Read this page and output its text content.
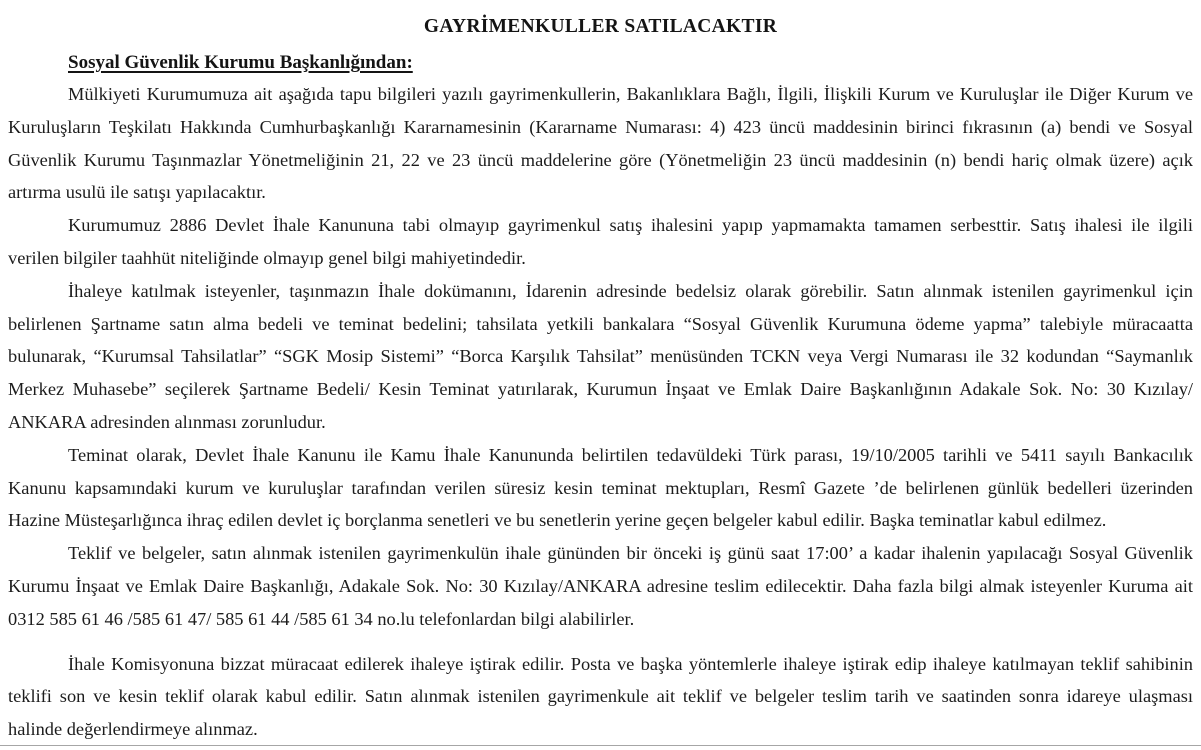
GAYRİMENKULLER SATILACAKTIR
Sosyal Güvenlik Kurumu Başkanlığından:
Mülkiyeti Kurumumuza ait aşağıda tapu bilgileri yazılı gayrimenkullerin, Bakanlıklara Bağlı, İlgili, İlişkili Kurum ve Kuruluşlar ile Diğer Kurum ve
Kuruluşların Teşkilatı Hakkında Cumhurbaşkanlığı Kararnamesinin (Kararname Numarası: 4) 423 üncü maddesinin birinci fıkrasının (a) bendi ve Sosyal
Güvenlik Kurumu Taşınmazlar Yönetmeliğinin 21, 22 ve 23 üncü maddelerine göre (Yönetmeliğin 23 üncü maddesinin (n) bendi hariç olmak üzere) açık
artırma usulü ile satışı yapılacaktır.
Kurumumuz 2886 Devlet İhale Kanununa tabi olmayıp gayrimenkul satış ihalesini yapıp yapmamakta tamamen serbesttir. Satış ihalesi ile ilgili
verilen bilgiler taahhüt niteliğinde olmayıp genel bilgi mahiyetindedir.
İhaleye katılmak isteyenler, taşınmazın İhale dokümanını, İdarenin adresinde bedelsiz olarak görebilir. Satın alınmak istenilen gayrimenkul için
belirlenen Şartname satın alma bedeli ve teminat bedelini; tahsilata yetkili bankalara “Sosyal Güvenlik Kurumuna ödeme yapma” talebiyle müracaatta
bulunarak, “Kurumsal Tahsilatlar” “SGK Mosip Sistemi” “Borca Karşılık Tahsilat” menüsünden TCKN veya Vergi Numarası ile 32 kodundan “Saymanlık
Merkez Muhasebe” seçilerek Şartname Bedeli/ Kesin Teminat yatırılarak, Kurumun İnşaat ve Emlak Daire Başkanlığının Adakale Sok. No: 30 Kızılay/
ANKARA adresinden alınması zorunludur.
Teminat olarak, Devlet İhale Kanunu ile Kamu İhale Kanununda belirtilen tedavüldeki Türk parası, 19/10/2005 tarihli ve 5411 sayılı Bankacılık
Kanunu kapsamındaki kurum ve kuruluşlar tarafından verilen süresiz kesin teminat mektupları, Resmî Gazete ’de belirlenen günlük bedelleri üzerinden
Hazine Müsteşarlığınca ihraç edilen devlet iç borçlanma senetleri ve bu senetlerin yerine geçen belgeler kabul edilir. Başka teminatlar kabul edilmez.
Teklif ve belgeler, satın alınmak istenilen gayrimenkulün ihale gününden bir önceki iş günü saat 17:00’ a kadar ihalenin yapılacağı Sosyal Güvenlik
Kurumu İnşaat ve Emlak Daire Başkanlığı, Adakale Sok. No: 30 Kızılay/ANKARA adresine teslim edilecektir. Daha fazla bilgi almak isteyenler Kuruma ait
0312 585 61 46 /585 61 47/ 585 61 44 /585 61 34 no.lu telefonlardan bilgi alabilirler.
İhale Komisyonuna bizzat müracaat edilerek ihaleye iştirak edilir. Posta ve başka yöntemlerle ihaleye iştirak edip ihaleye katılmayan teklif sahibinin
teklifi son ve kesin teklif olarak kabul edilir. Satın alınmak istenilen gayrimenkule ait teklif ve belgeler teslim tarih ve saatinden sonra idareye ulaşması
halinde değerlendirmeye alınmaz.
